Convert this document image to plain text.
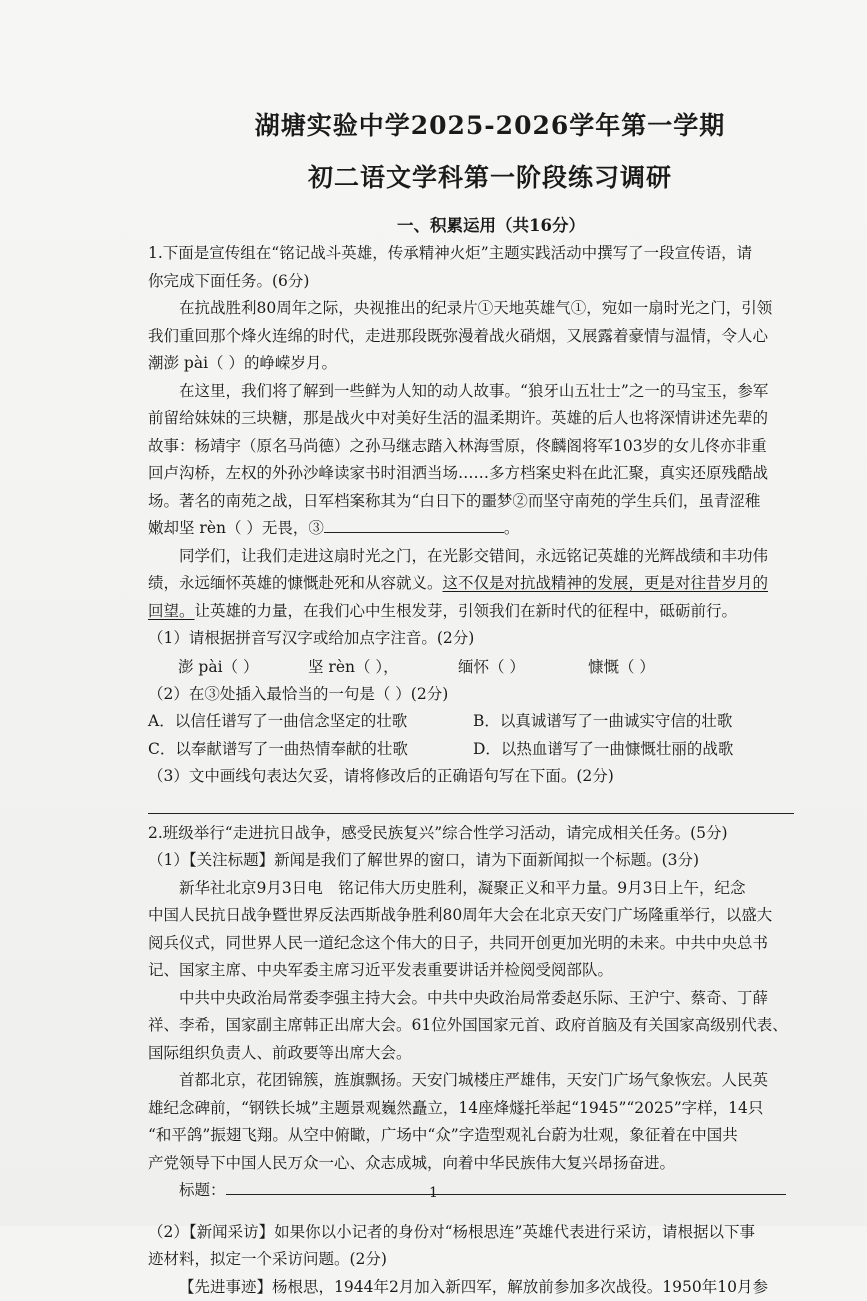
湖塘实验中学2025-2026学年第一学期

初二语文学科第一阶段练习调研

一、积累运用（共16分）

1.下面是宣传组在“铭记战斗英雄，传承精神火炬”主题实践活动中撰写了一段宣传语，请

你完成下面任务。(6分)

在抗战胜利80周年之际，央视推出的纪录片①天地英雄气①，宛如一扇时光之门，引领

我们重回那个烽火连绵的时代，走进那段既弥漫着战火硝烟，又展露着豪情与温情，令人心

潮澎 pài（ ）的峥嵘岁月。

在这里，我们将了解到一些鲜为人知的动人故事。“狼牙山五壮士”之一的马宝玉，参军

前留给妹妹的三块糖，那是战火中对美好生活的温柔期许。英雄的后人也将深情讲述先辈的

故事：杨靖宇（原名马尚德）之孙马继志踏入林海雪原，佟麟阁将军103岁的女儿佟亦非重

回卢沟桥，左权的外孙沙峰读家书时泪洒当场……多方档案史料在此汇聚，真实还原残酷战

场。著名的南苑之战，日军档案称其为“白日下的噩梦②而坚守南苑的学生兵们，虽青涩稚

嫩却坚 rèn（ ）无畏，③	。

同学们，让我们走进这扇时光之门，在光影交错间，永远铭记英雄的光辉战绩和丰功伟

绩，永远缅怀英雄的慷慨赴死和从容就义。这不仅是对抗战精神的发展，更是对往昔岁月的

回望。让英雄的力量，在我们心中生根发芽，引领我们在新时代的征程中，砥砺前行。

（1）请根据拼音写汉字或给加点字注音。(2分)

澎 pài（ ）	坚 rèn（ ），	缅怀（ ）	慷慨（ ）

（2）在③处插入最恰当的一句是（ ）(2分)

A．以信任谱写了一曲信念坚定的壮歌	B．以真诚谱写了一曲诚实守信的壮歌
C．以奉献谱写了一曲热情奉献的壮歌	D．以热血谱写了一曲慷慨壮丽的战歌

（3）文中画线句表达欠妥，请将修改后的正确语句写在下面。(2分)

2.班级举行“走进抗日战争，感受民族复兴”综合性学习活动，请完成相关任务。(5分)

（1）【关注标题】新闻是我们了解世界的窗口，请为下面新闻拟一个标题。(3分)

新华社北京9月3日电　铭记伟大历史胜利，凝聚正义和平力量。9月3日上午，纪念

中国人民抗日战争暨世界反法西斯战争胜利80周年大会在北京天安门广场隆重举行，以盛大

阅兵仪式，同世界人民一道纪念这个伟大的日子，共同开创更加光明的未来。中共中央总书

记、国家主席、中央军委主席习近平发表重要讲话并检阅受阅部队。

中共中央政治局常委李强主持大会。中共中央政治局常委赵乐际、王沪宁、蔡奇、丁薛

祥、李希，国家副主席韩正出席大会。61位外国国家元首、政府首脑及有关国家高级别代表、

国际组织负责人、前政要等出席大会。

首都北京，花团锦簇，旌旗飘扬。天安门城楼庄严雄伟，天安门广场气象恢宏。人民英

雄纪念碑前，“钢铁长城”主题景观巍然矗立，14座烽燧托举起“1945”“2025”字样，14只

“和平鸽”振翅飞翔。从空中俯瞰，广场中“众”字造型观礼台蔚为壮观，象征着在中国共

产党领导下中国人民万众一心、众志成城，向着中华民族伟大复兴昂扬奋进。

标题：

（2）【新闻采访】如果你以小记者的身份对“杨根思连”英雄代表进行采访，请根据以下事

迹材料，拟定一个采访问题。(2分)

【先进事迹】杨根思，1944年2月加入新四军，解放前参加多次战役。1950年10月参

1
